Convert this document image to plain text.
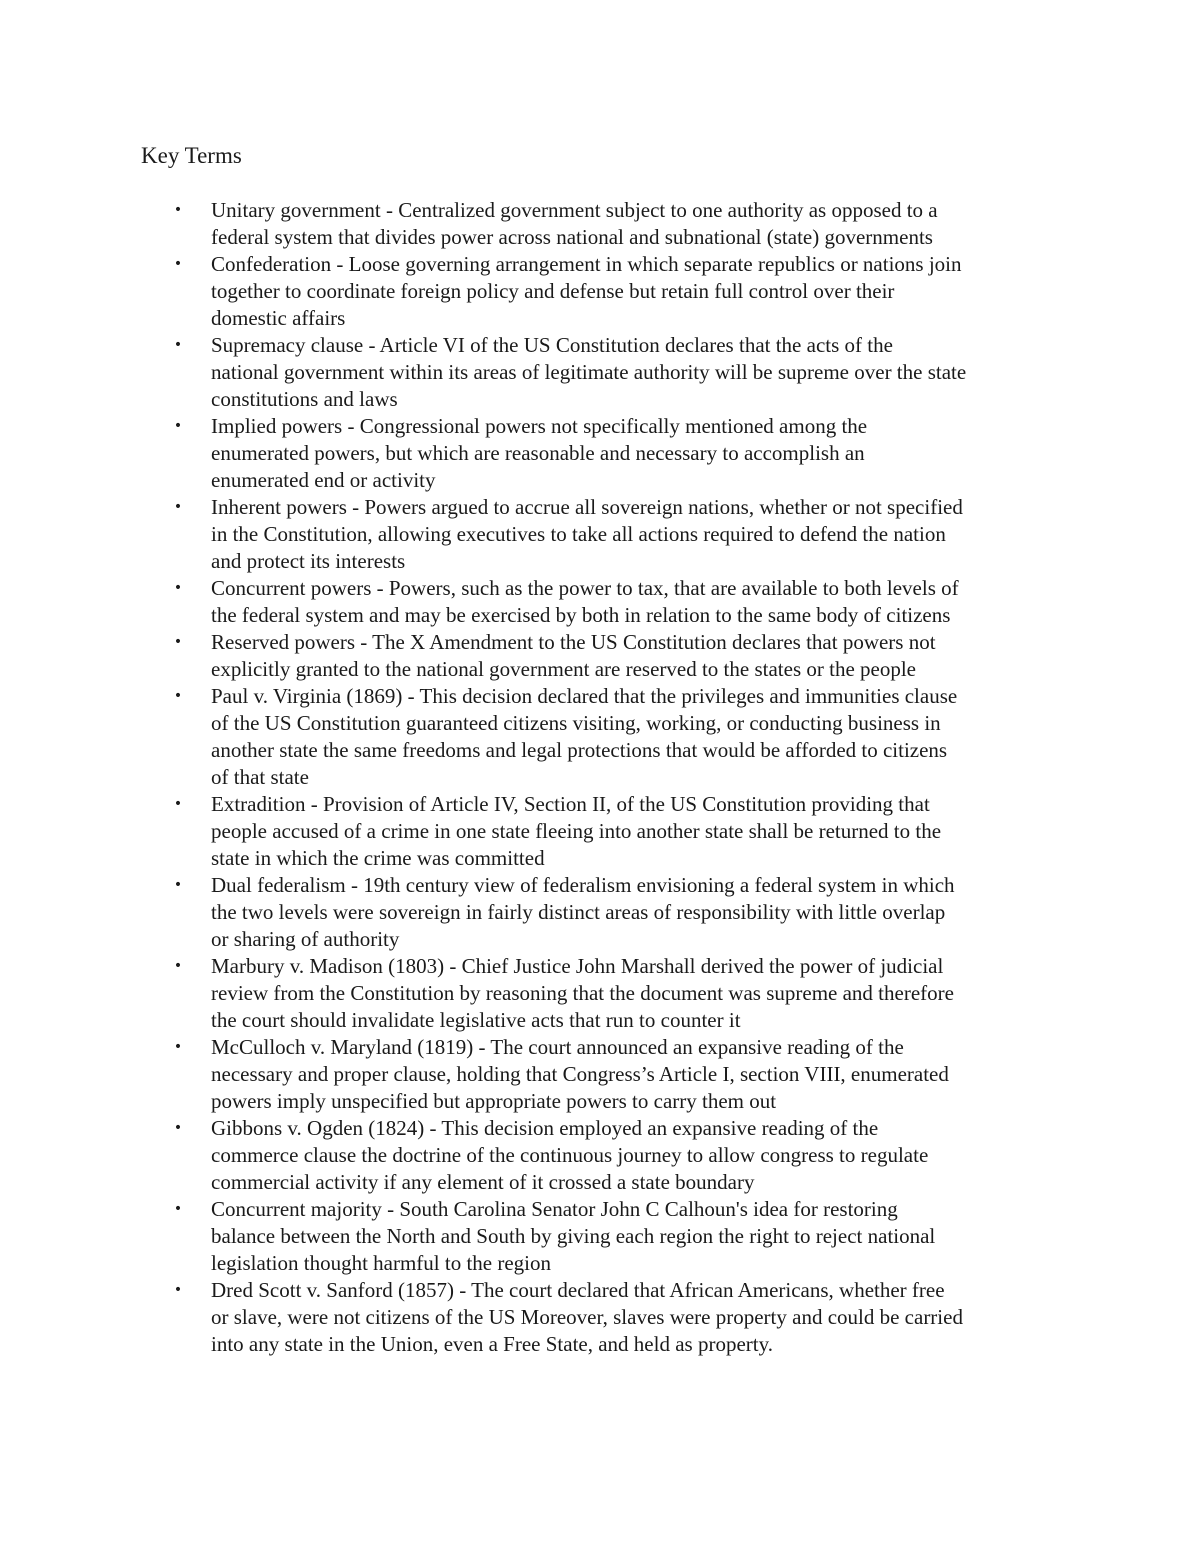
Key Terms
• Unitary government - Centralized government subject to one authority as opposed to a
federal system that divides power across national and subnational (state) governments
• Confederation - Loose governing arrangement in which separate republics or nations join
together to coordinate foreign policy and defense but retain full control over their
domestic affairs
• Supremacy clause - Article VI of the US Constitution declares that the acts of the
national government within its areas of legitimate authority will be supreme over the state
constitutions and laws
• Implied powers - Congressional powers not specifically mentioned among the
enumerated powers, but which are reasonable and necessary to accomplish an
enumerated end or activity
• Inherent powers - Powers argued to accrue all sovereign nations, whether or not specified
in the Constitution, allowing executives to take all actions required to defend the nation
and protect its interests
• Concurrent powers - Powers, such as the power to tax, that are available to both levels of
the federal system and may be exercised by both in relation to the same body of citizens
• Reserved powers - The X Amendment to the US Constitution declares that powers not
explicitly granted to the national government are reserved to the states or the people
• Paul v. Virginia (1869) - This decision declared that the privileges and immunities clause
of the US Constitution guaranteed citizens visiting, working, or conducting business in
another state the same freedoms and legal protections that would be afforded to citizens
of that state
• Extradition - Provision of Article IV, Section II, of the US Constitution providing that
people accused of a crime in one state fleeing into another state shall be returned to the
state in which the crime was committed
• Dual federalism - 19th century view of federalism envisioning a federal system in which
the two levels were sovereign in fairly distinct areas of responsibility with little overlap
or sharing of authority
• Marbury v. Madison (1803) - Chief Justice John Marshall derived the power of judicial
review from the Constitution by reasoning that the document was supreme and therefore
the court should invalidate legislative acts that run to counter it
• McCulloch v. Maryland (1819) - The court announced an expansive reading of the
necessary and proper clause, holding that Congress’s Article I, section VIII, enumerated
powers imply unspecified but appropriate powers to carry them out
• Gibbons v. Ogden (1824) - This decision employed an expansive reading of the
commerce clause the doctrine of the continuous journey to allow congress to regulate
commercial activity if any element of it crossed a state boundary
• Concurrent majority - South Carolina Senator John C Calhoun's idea for restoring
balance between the North and South by giving each region the right to reject national
legislation thought harmful to the region
• Dred Scott v. Sanford (1857) - The court declared that African Americans, whether free
or slave, were not citizens of the US Moreover, slaves were property and could be carried
into any state in the Union, even a Free State, and held as property.
